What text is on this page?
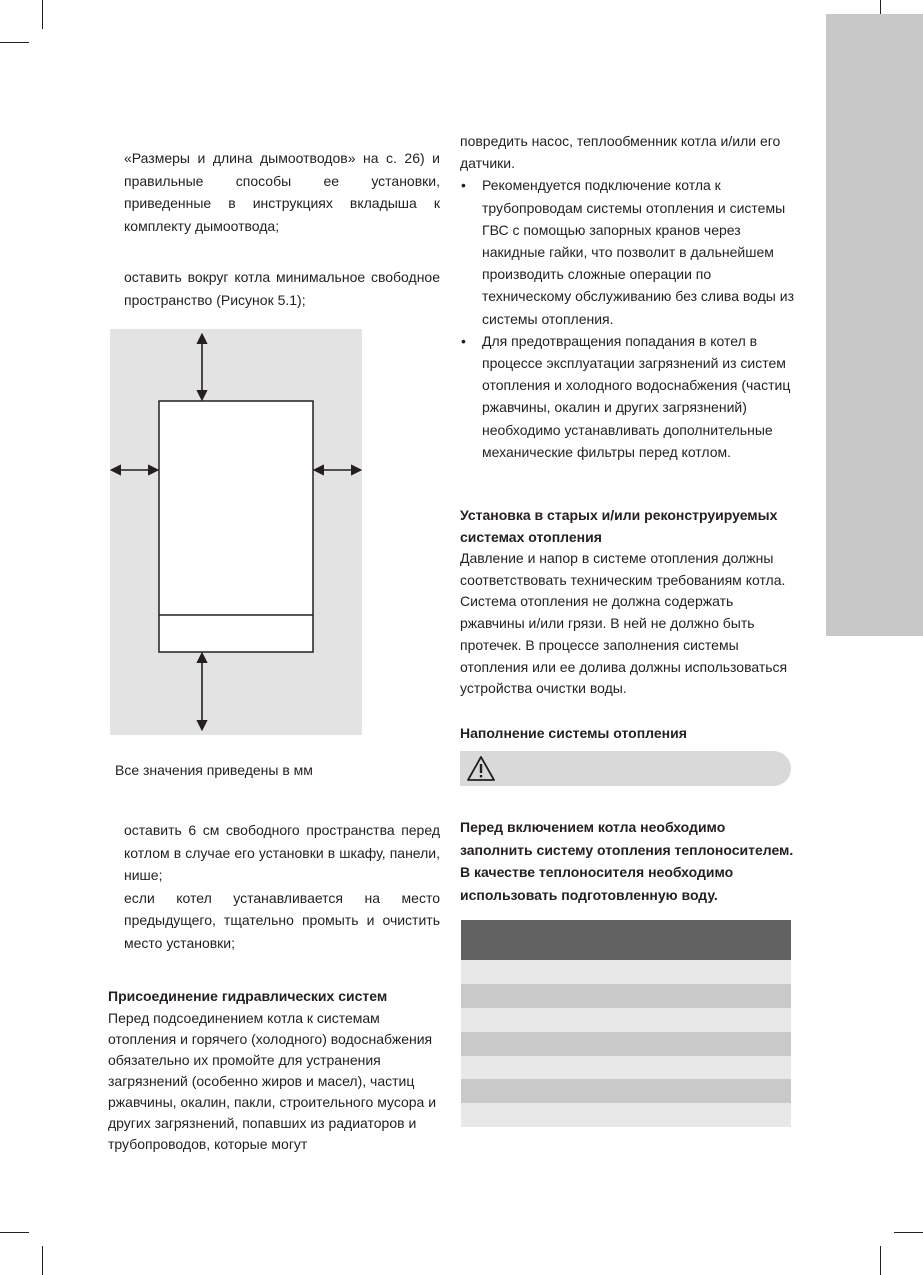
«Размеры и длина дымоотводов» на с. 26) и правильные способы ее установки, приведенные в инструкциях вкладыша к комплекту дымоотвода;

оставить вокруг котла минимальное свободное пространство (Рисунок 5.1);

Все значения приведены в мм

оставить 6 см свободного пространства перед котлом в случае его установки в шкафу, панели, нише;

если котел устанавливается на место предыдущего, тщательно промыть и очистить место установки;

Присоединение гидравлических систем

Перед подсоединением котла к системам отопления и горячего (холодного) водоснабжения обязательно их промойте для устранения загрязнений (особенно жиров и масел), частиц ржавчины, окалин, пакли, строительного мусора и других загрязнений, попавших из радиаторов и трубопроводов, которые могут

повредить насос, теплообменник котла и/или его датчики.

• Рекомендуется подключение котла к трубопроводам системы отопления и системы ГВС с помощью запорных кранов через накидные гайки, что позволит в дальнейшем производить сложные операции по техническому обслуживанию без слива воды из системы отопления.
• Для предотвращения попадания в котел в процессе эксплуатации загрязнений из систем отопления и холодного водоснабжения (частиц ржавчины, окалин и других загрязнений) необходимо устанавливать дополнительные механические фильтры перед котлом.
Установка в старых и/или реконструируемых системах отопления

Давление и напор в системе отопления должны соответствовать техническим требованиям котла. Система отопления не должна содержать ржавчины и/или грязи. В ней не должно быть протечек. В процессе заполнения системы отопления или ее долива должны использоваться устройства очистки воды.

Наполнение системы отопления

Перед включением котла необходимо заполнить систему отопления теплоносителем. В качестве теплоносителя необходимо использовать подготовленную воду.
